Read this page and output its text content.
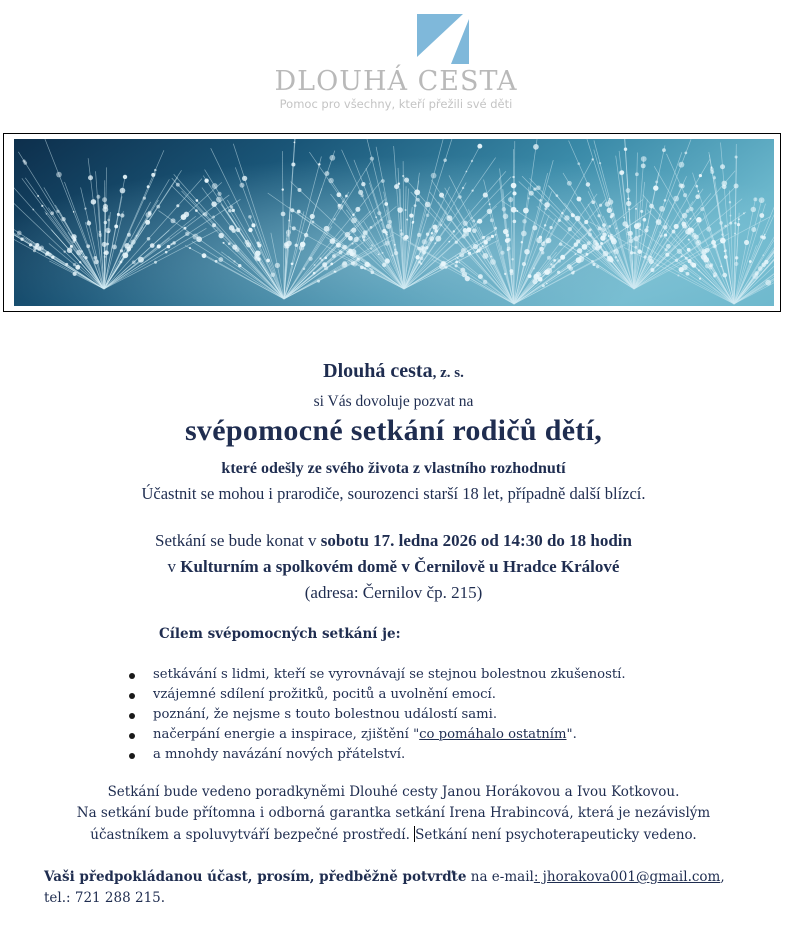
DLOUHÁ CESTA
Pomoc pro všechny, kteří přežili své děti
Dlouhá cesta, z. s.
si Vás dovoluje pozvat na
svépomocné setkání rodičů dětí,
které odešly ze svého života z vlastního rozhodnutí
Účastnit se mohou i prarodiče, sourozenci starší 18 let, případně další blízcí.
Setkání se bude konat v sobotu 17. ledna 2026 od 14:30 do 18 hodin
v Kulturním a spolkovém domě v Černilově u Hradce Králové
(adresa: Černilov čp. 215)
Cílem svépomocných setkání je:
setkávání s lidmi, kteří se vyrovnávají se stejnou bolestnou zkušeností.
vzájemné sdílení prožitků, pocitů a uvolnění emocí.
poznání, že nejsme s touto bolestnou událostí sami.
načerpání energie a inspirace, zjištění "co pomáhalo ostatním".
a mnohdy navázání nových přátelství.
Setkání bude vedeno poradkyněmi Dlouhé cesty Janou Horákovou a Ivou Kotkovou.
Na setkání bude přítomna i odborná garantka setkání Irena Hrabincová, která je nezávislým
účastníkem a spoluvytváří bezpečné prostředí. Setkání není psychoterapeuticky vedeno.
Vaši předpokládanou účast, prosím, předběžně potvrďte na e-mail: jhorakova001@gmail.com,
tel.: 721 288 215.
